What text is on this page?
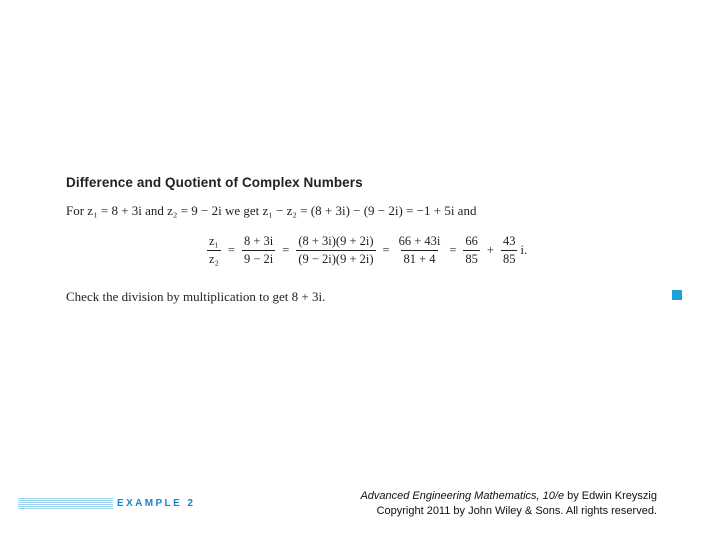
Difference and Quotient of Complex Numbers
For z₁ = 8 + 3i and z₂ = 9 − 2i we get z₁ − z₂ = (8 + 3i) − (9 − 2i) = −1 + 5i and
$\frac{\text{z₁}}{\text{z₂}} = \frac{8 + 3i}{9 - 2i} = \frac{(8 + 3i)(9 + 2i)}{(9 - 2i)(9 + 2i)} = \frac{66 + 43i}{81 + 4} = \frac{66}{85} + \frac{43}{85} i$.
Check the division by multiplication to get 8 + 3i.
EXAMPLE 2
Advanced Engineering Mathematics, 10/e by Edwin Kreyszig
Copyright 2011 by John Wiley & Sons. All rights reserved.
